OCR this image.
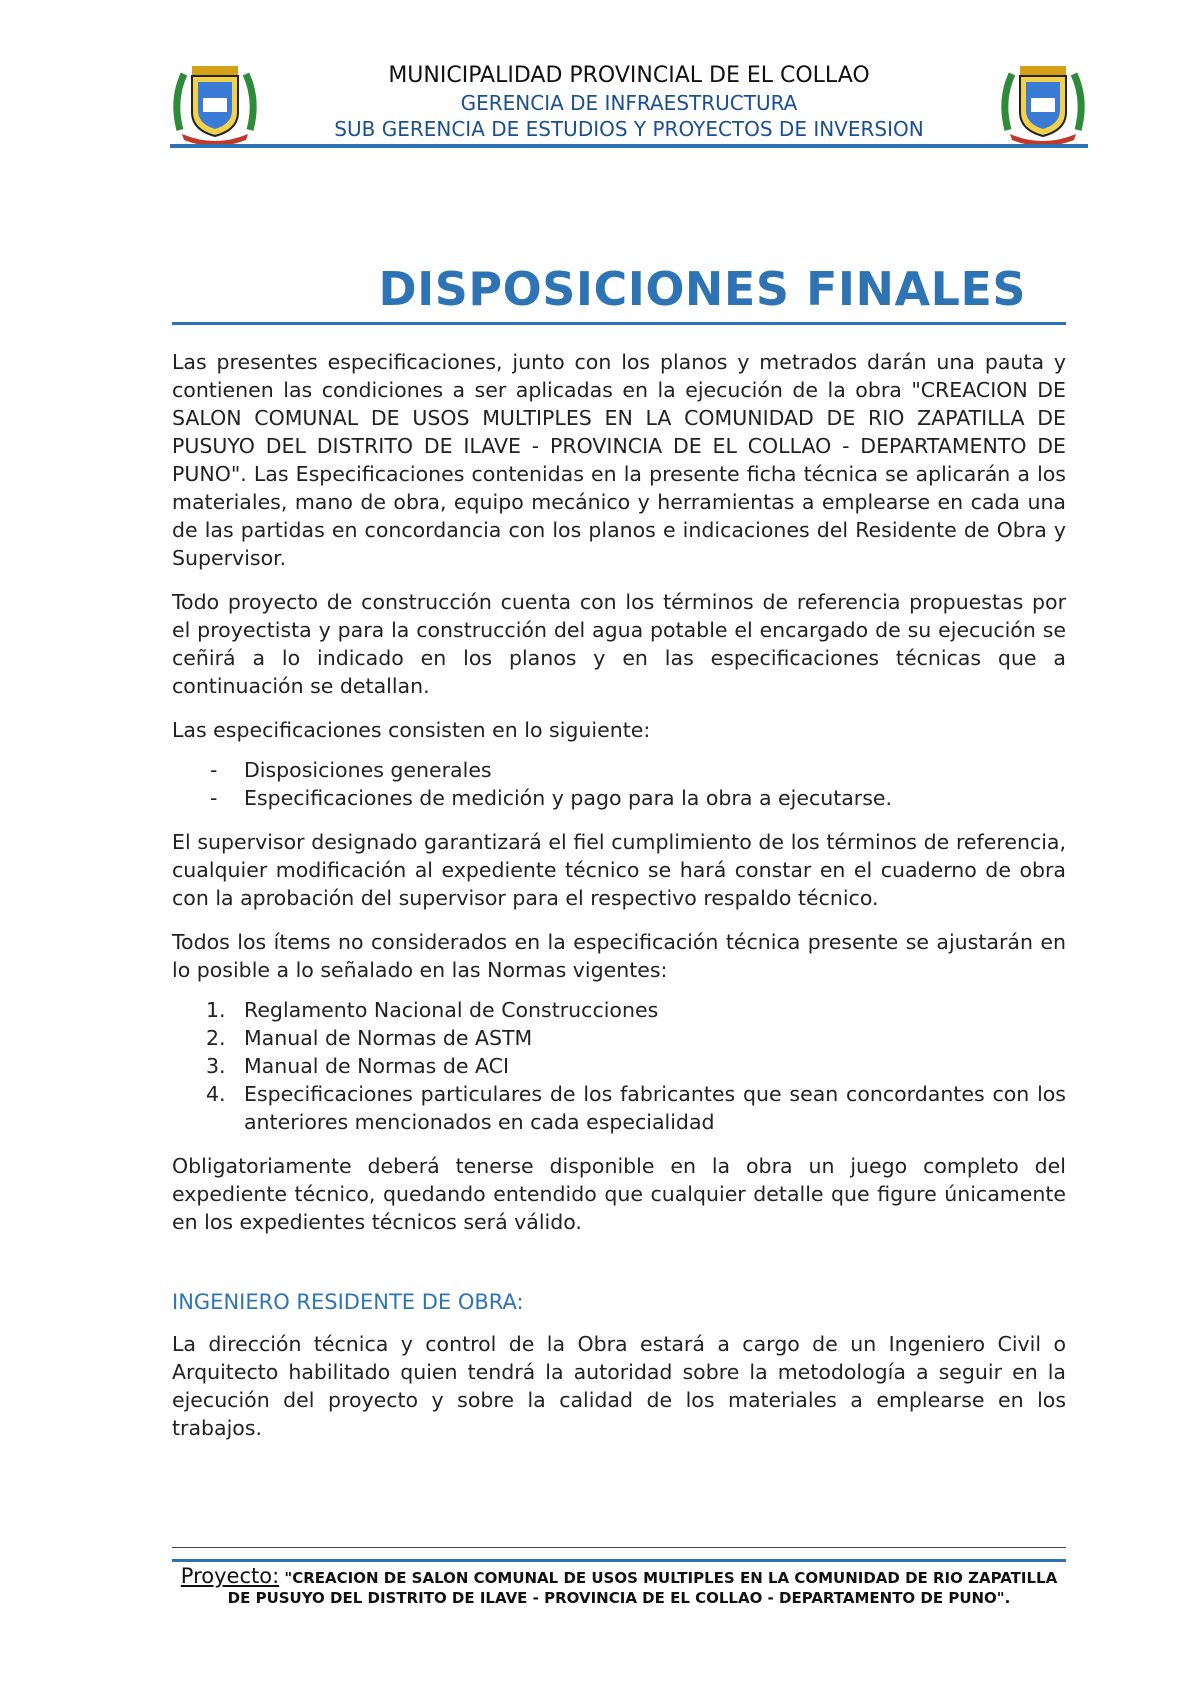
MUNICIPALIDAD PROVINCIAL DE EL COLLAO
GERENCIA DE INFRAESTRUCTURA
SUB GERENCIA DE ESTUDIOS Y PROYECTOS DE INVERSION
DISPOSICIONES FINALES

Las presentes especificaciones, junto con los planos y metrados darán una pauta y contienen las condiciones a ser aplicadas en la ejecución de la obra "CREACION DE SALON COMUNAL DE USOS MULTIPLES EN LA COMUNIDAD DE RIO ZAPATILLA DE PUSUYO DEL DISTRITO DE ILAVE - PROVINCIA DE EL COLLAO - DEPARTAMENTO DE PUNO". Las Especificaciones contenidas en la presente ficha técnica se aplicarán a los materiales, mano de obra, equipo mecánico y herramientas a emplearse en cada una de las partidas en concordancia con los planos e indicaciones del Residente de Obra y Supervisor.

Todo proyecto de construcción cuenta con los términos de referencia propuestas por el proyectista y para la construcción del agua potable el encargado de su ejecución se ceñirá a lo indicado en los planos y en las especificaciones técnicas que a continuación se detallan.

Las especificaciones consisten en lo siguiente:

- Disposiciones generales
- Especificaciones de medición y pago para la obra a ejecutarse.

El supervisor designado garantizará el fiel cumplimiento de los términos de referencia, cualquier modificación al expediente técnico se hará constar en el cuaderno de obra con la aprobación del supervisor para el respectivo respaldo técnico.

Todos los ítems no considerados en la especificación técnica presente se ajustarán en lo posible a lo señalado en las Normas vigentes:

1. Reglamento Nacional de Construcciones
2. Manual de Normas de ASTM
3. Manual de Normas de ACI
4. Especificaciones particulares de los fabricantes que sean concordantes con los anteriores mencionados en cada especialidad

Obligatoriamente deberá tenerse disponible en la obra un juego completo del expediente técnico, quedando entendido que cualquier detalle que figure únicamente en los expedientes técnicos será válido.

INGENIERO RESIDENTE DE OBRA:

La dirección técnica y control de la Obra estará a cargo de un Ingeniero Civil o Arquitecto habilitado quien tendrá la autoridad sobre la metodología a seguir en la ejecución del proyecto y sobre la calidad de los materiales a emplearse en los trabajos.

Proyecto: "CREACION DE SALON COMUNAL DE USOS MULTIPLES EN LA COMUNIDAD DE RIO ZAPATILLA DE PUSUYO DEL DISTRITO DE ILAVE - PROVINCIA DE EL COLLAO - DEPARTAMENTO DE PUNO".
